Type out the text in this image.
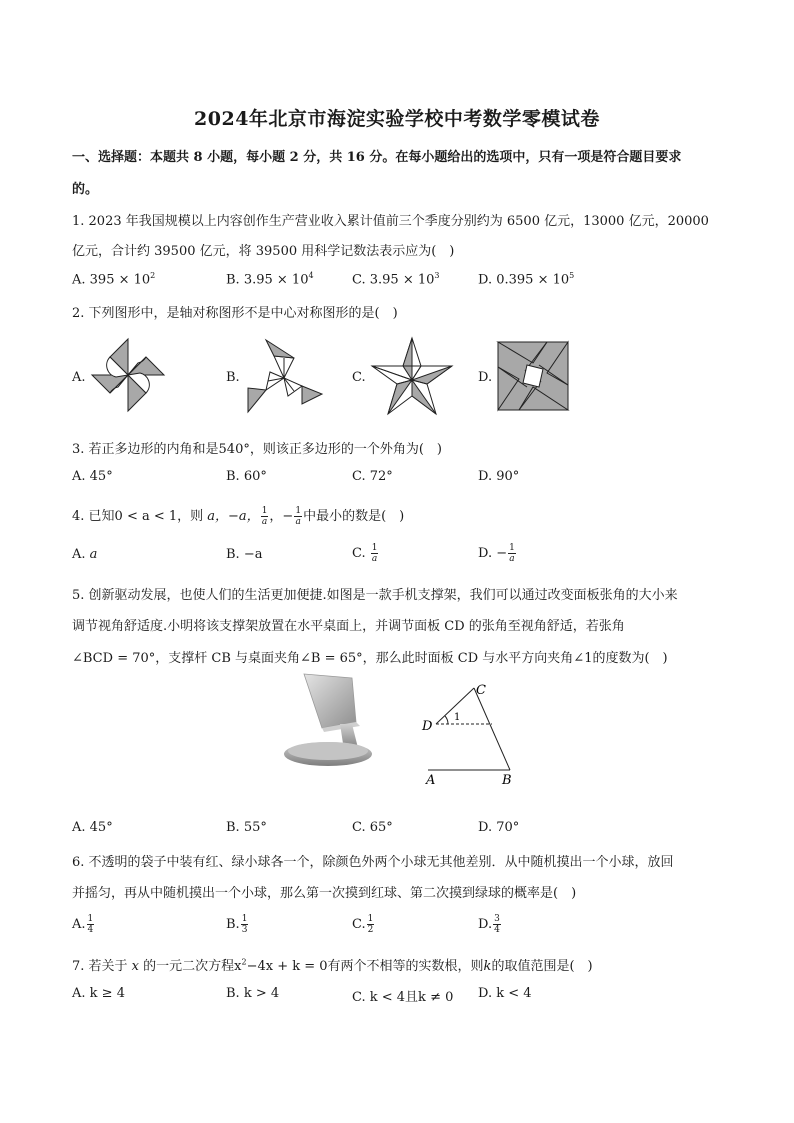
2024年北京市海淀实验学校中考数学零模试卷
一、选择题：本题共 8 小题，每小题 2 分，共 16 分。在每小题给出的选项中，只有一项是符合题目要求
的。
1. 2023 年我国规模以上内容创作生产营业收入累计值前三个季度分别约为 6500 亿元，13000 亿元，20000
亿元，合计约 39500 亿元，将 39500 用科学记数法表示应为(　)
A. $395 \times 10^2$	B. $3.95 \times 10^4$	C. $3.95 \times 10^3$	D. $0.395 \times 10^5$
2. 下列图形中，是轴对称图形不是中心对称图形的是(　)
A.	B.	C.	D.
3. 若正多边形的内角和是540°，则该正多边形的一个外角为(　)
A. 45°	B. 60°	C. 72°	D. 90°
4. 已知0 < a < 1，则 a，−a， $\frac{1}{a}$ ，− $\frac{1}{a}$ 中最小的数是(　)
A. a	B. −a	C. $\frac{1}{a}$	D. − $\frac{1}{a}$
5. 创新驱动发展，也使人们的生活更加便捷.如图是一款手机支撑架，我们可以通过改变面板张角的大小来
调节视角舒适度.小明将该支撑架放置在水平桌面上，并调节面板 CD 的张角至视角舒适，若张角
∠BCD = 70°，支撑杆 CB 与桌面夹角∠B = 65°，那么此时面板 CD 与水平方向夹角∠1的度数为(　)
C
D
A	B
1
A. 45°	B. 55°	C. 65°	D. 70°
6. 不透明的袋子中装有红、绿小球各一个，除颜色外两个小球无其他差别．从中随机摸出一个小球，放回
并摇匀，再从中随机摸出一个小球，那么第一次摸到红球、第二次摸到绿球的概率是(　)
A. $\frac{1}{4}$	B. $\frac{1}{3}$	C. $\frac{1}{2}$	D. $\frac{3}{4}$
7. 若关于 x 的一元二次方程$x^2-4x + k = 0$有两个不相等的实数根，则k的取值范围是(　)
A. k ≥ 4	B. k > 4	C. k < 4且k ≠ 0 D. k < 4
